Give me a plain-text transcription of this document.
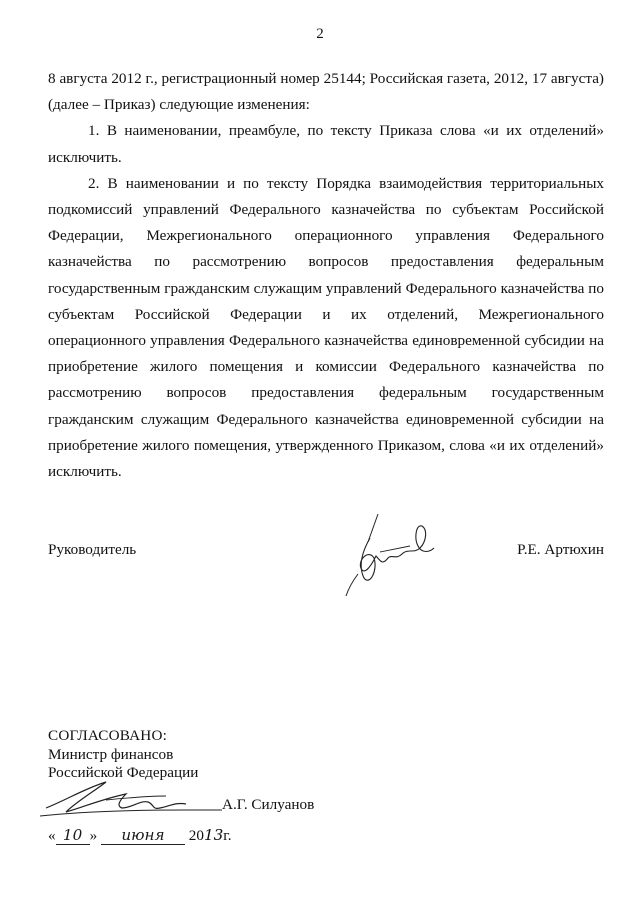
2

8 августа 2012 г., регистрационный номер 25144; Российская газета, 2012, 17 августа) (далее – Приказ) следующие изменения:

1. В наименовании, преамбуле, по тексту Приказа слова «и их отделений» исключить.

2. В наименовании и по тексту Порядка взаимодействия территориальных подкомиссий управлений Федерального казначейства по субъектам Российской Федерации, Межрегионального операционного управления Федерального казначейства по рассмотрению вопросов предоставления федеральным государственным гражданским служащим управлений Федерального казначейства по субъектам Российской Федерации и их отделений, Межрегионального операционного управления Федерального казначейства единовременной субсидии на приобретение жилого помещения и комиссии Федерального казначейства по рассмотрению вопросов предоставления федеральным государственным гражданским служащим Федерального казначейства единовременной субсидии на приобретение жилого помещения, утвержденного Приказом, слова «и их отделений» исключить.

Руководитель	Р.Е. Артюхин
СОГЛАСОВАНО:
Министр финансов
Российской Федерации
А.Г. Силуанов
« 10 » июня 2013г.
